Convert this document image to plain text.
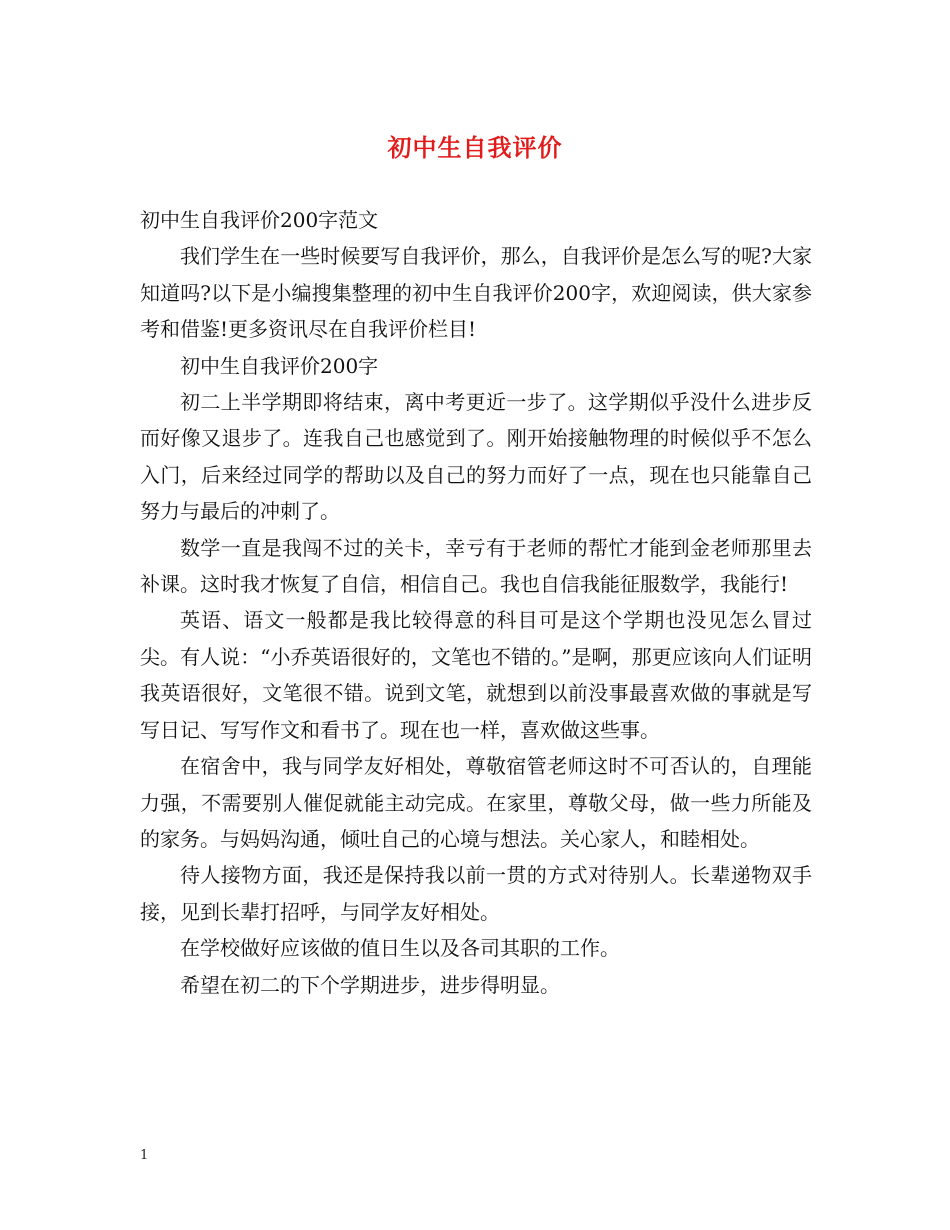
初中生自我评价

初中生自我评价200字范文

我们学生在一些时候要写自我评价，那么，自我评价是怎么写的呢?大家知道吗?以下是小编搜集整理的初中生自我评价200字，欢迎阅读，供大家参考和借鉴!更多资讯尽在自我评价栏目!

初中生自我评价200字

初二上半学期即将结束，离中考更近一步了。这学期似乎没什么进步反而好像又退步了。连我自己也感觉到了。刚开始接触物理的时候似乎不怎么入门，后来经过同学的帮助以及自己的努力而好了一点，现在也只能靠自己努力与最后的冲刺了。

数学一直是我闯不过的关卡，幸亏有于老师的帮忙才能到金老师那里去补课。这时我才恢复了自信，相信自己。我也自信我能征服数学，我能行!

英语、语文一般都是我比较得意的科目可是这个学期也没见怎么冒过尖。有人说：“小乔英语很好的，文笔也不错的。”是啊，那更应该向人们证明我英语很好，文笔很不错。说到文笔，就想到以前没事最喜欢做的事就是写写日记、写写作文和看书了。现在也一样，喜欢做这些事。

在宿舍中，我与同学友好相处，尊敬宿管老师这时不可否认的，自理能力强，不需要别人催促就能主动完成。在家里，尊敬父母，做一些力所能及的家务。与妈妈沟通，倾吐自己的心境与想法。关心家人，和睦相处。

待人接物方面，我还是保持我以前一贯的方式对待别人。长辈递物双手接，见到长辈打招呼，与同学友好相处。

在学校做好应该做的值日生以及各司其职的工作。

希望在初二的下个学期进步，进步得明显。

1
